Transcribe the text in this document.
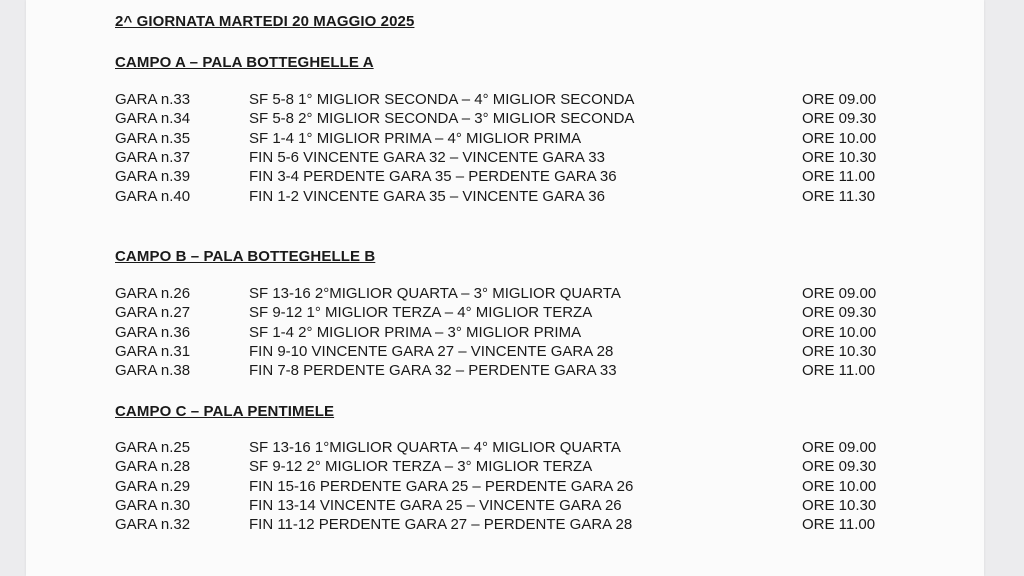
2^ GIORNATA MARTEDI 20 MAGGIO 2025
CAMPO A – PALA BOTTEGHELLE A
CAMPO B – PALA BOTTEGHELLE B
CAMPO C – PALA PENTIMELE
GARA n.33	SF 5-8 1° MIGLIOR SECONDA – 4° MIGLIOR SECONDA	ORE 09.00
GARA n.34	SF 5-8 2° MIGLIOR SECONDA – 3° MIGLIOR SECONDA	ORE 09.30
GARA n.35	SF 1-4 1° MIGLIOR PRIMA – 4° MIGLIOR PRIMA	ORE 10.00
GARA n.37	FIN 5-6 VINCENTE GARA 32 – VINCENTE GARA 33	ORE 10.30
GARA n.39	FIN 3-4 PERDENTE GARA 35 – PERDENTE GARA 36	ORE 11.00
GARA n.40	FIN 1-2 VINCENTE GARA 35 – VINCENTE GARA 36	ORE 11.30
GARA n.26	SF 13-16 2°MIGLIOR QUARTA – 3° MIGLIOR QUARTA	ORE 09.00
GARA n.27	SF 9-12 1° MIGLIOR TERZA – 4° MIGLIOR TERZA	ORE 09.30
GARA n.36	SF 1-4 2° MIGLIOR PRIMA – 3° MIGLIOR PRIMA	ORE 10.00
GARA n.31	FIN 9-10 VINCENTE GARA 27 – VINCENTE GARA 28	ORE 10.30
GARA n.38	FIN 7-8 PERDENTE GARA 32 – PERDENTE GARA 33	ORE 11.00
GARA n.25	SF 13-16 1°MIGLIOR QUARTA – 4° MIGLIOR QUARTA	ORE 09.00
GARA n.28	SF 9-12 2° MIGLIOR TERZA – 3° MIGLIOR TERZA	ORE 09.30
GARA n.29	FIN 15-16 PERDENTE GARA 25 – PERDENTE GARA 26	ORE 10.00
GARA n.30	FIN 13-14 VINCENTE GARA 25 – VINCENTE GARA 26	ORE 10.30
GARA n.32	FIN 11-12 PERDENTE GARA 27 – PERDENTE GARA 28	ORE 11.00
